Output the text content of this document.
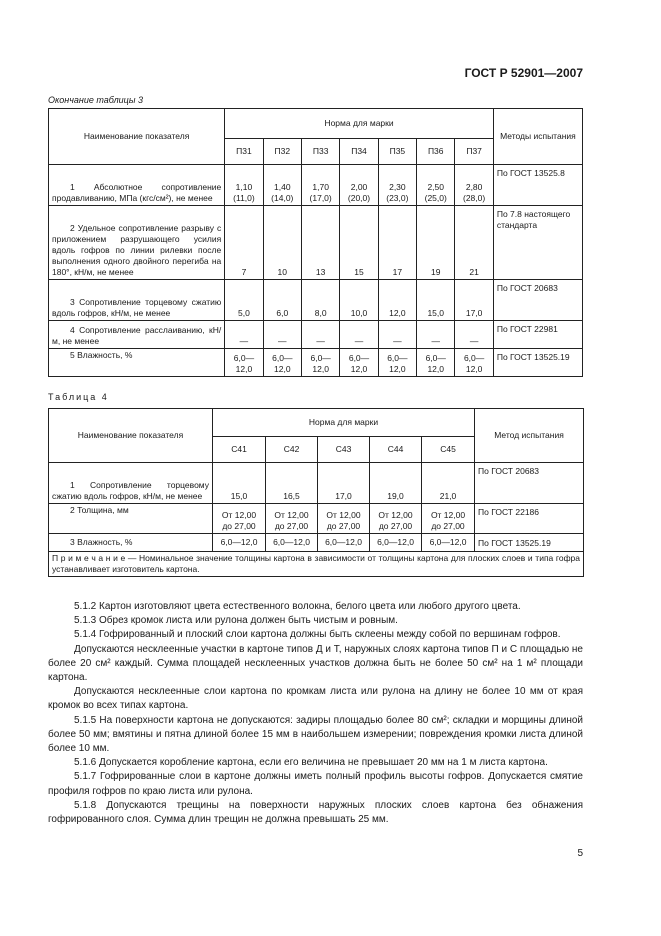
ГОСТ Р 52901—2007
Окончание таблицы 3
Наименование показателя	Норма для марки							Методы испытания
	П31	П32	П33	П34	П35	П36	П37	
1 Абсолютное сопротивление продавливанию, МПа (кгс/см²), не менее	1,10 (11,0)	1,40 (14,0)	1,70 (17,0)	2,00 (20,0)	2,30 (23,0)	2,50 (25,0)	2,80 (28,0)	По ГОСТ 13525.8
2 Удельное сопротивление разрыву с приложением разрушающего усилия вдоль гофров по линии рилевки после выполнения одного двойного перегиба на 180°, кН/м, не менее	7	10	13	15	17	19	21	По 7.8 настоящего стандарта
3 Сопротивление торцевому сжатию вдоль гофров, кН/м, не менее	5,0	6,0	8,0	10,0	12,0	15,0	17,0	По ГОСТ 20683
4 Сопротивление расслаиванию, кН/м, не менее	—	—	—	—	—	—	—	По ГОСТ 22981
5 Влажность, %	6,0— 12,0	6,0— 12,0	6,0— 12,0	6,0— 12,0	6,0— 12,0	6,0— 12,0	6,0— 12,0	По ГОСТ 13525.19
Таблица 4
Наименование показателя	Норма для марки					Метод испытания
	С41	С42	С43	С44	С45	
1 Сопротивление торцевому сжатию вдоль гофров, кН/м, не менее	15,0	16,5	17,0	19,0	21,0	По ГОСТ 20683
2 Толщина, мм	От 12,00 до 27,00	От 12,00 до 27,00	От 12,00 до 27,00	От 12,00 до 27,00	От 12,00 до 27,00	По ГОСТ 22186
3 Влажность, %	6,0—12,0	6,0—12,0	6,0—12,0	6,0—12,0	6,0—12,0	По ГОСТ 13525.19
П р и м е ч а н и е — Номинальное значение толщины картона в зависимости от толщины картона для плоских слоев и типа гофра устанавливает изготовитель картона.						

5.1.2 Картон изготовляют цвета естественного волокна, белого цвета или любого другого цвета.

5.1.3 Обрез кромок листа или рулона должен быть чистым и ровным.

5.1.4 Гофрированный и плоский слои картона должны быть склеены между собой по вершинам гофров.

Допускаются несклеенные участки в картоне типов Д и Т, наружных слоях картона типов П и С площадью не более 20 см² каждый. Сумма площадей несклеенных участков должна быть не более 50 см² на 1 м² площади картона.

Допускаются несклеенные слои картона по кромкам листа или рулона на длину не более 10 мм от края кромок во всех типах картона.

5.1.5 На поверхности картона не допускаются: задиры площадью более 80 см²; складки и морщины длиной более 50 мм; вмятины и пятна длиной более 15 мм в наибольшем измерении; повреждения кромки листа длиной более 10 мм.

5.1.6 Допускается коробление картона, если его величина не превышает 20 мм на 1 м листа картона.

5.1.7 Гофрированные слои в картоне должны иметь полный профиль высоты гофров. Допускается смятие профиля гофров по краю листа или рулона.

5.1.8 Допускаются трещины на поверхности наружных плоских слоев картона без обнажения гофрированного слоя. Сумма длин трещин не должна превышать 25 мм.

5
